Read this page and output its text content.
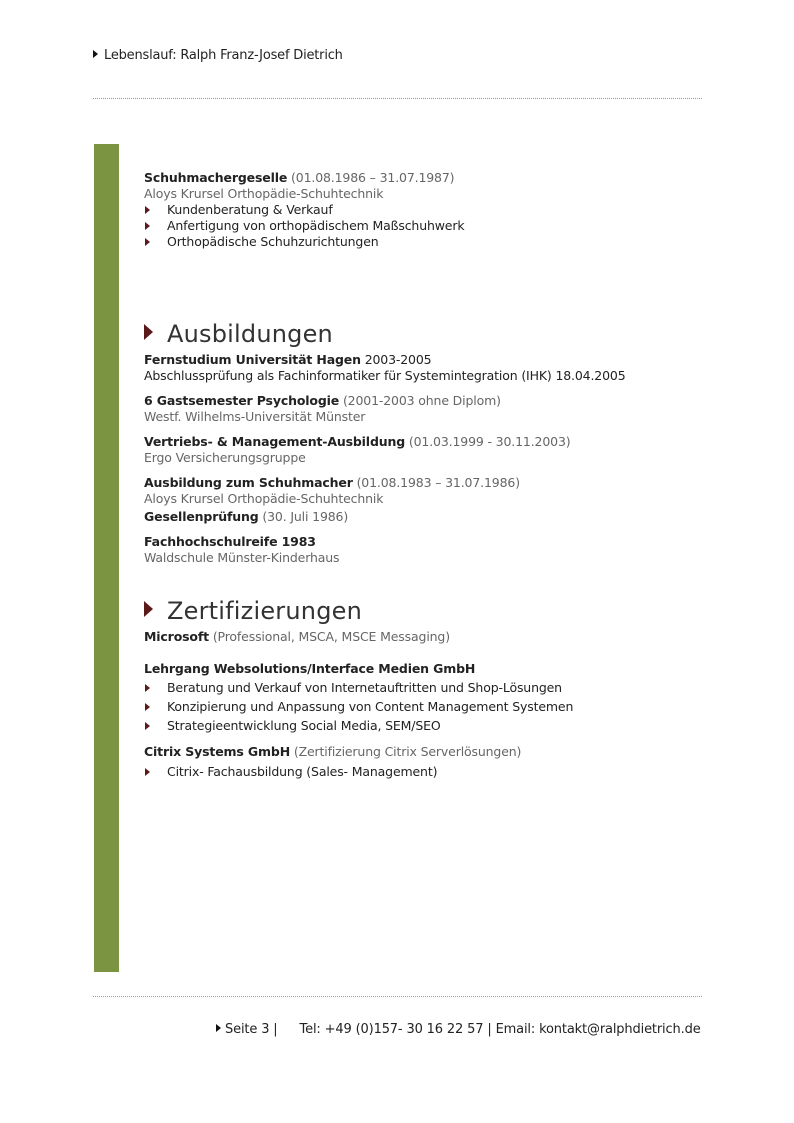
Lebenslauf: Ralph Franz-Josef Dietrich
Schuhmachergeselle (01.08.1986 – 31.07.1987)
Aloys Krursel Orthopädie-Schuhtechnik
Kundenberatung & Verkauf
Anfertigung von orthopädischem Maßschuhwerk
Orthopädische Schuhzurichtungen
Ausbildungen
Fernstudium Universität Hagen 2003-2005
Abschlussprüfung als Fachinformatiker für Systemintegration (IHK) 18.04.2005
6 Gastsemester Psychologie (2001-2003 ohne Diplom)
Westf. Wilhelms-Universität Münster
Vertriebs- & Management-Ausbildung (01.03.1999 - 30.11.2003)
Ergo Versicherungsgruppe
Ausbildung zum Schuhmacher (01.08.1983 – 31.07.1986)
Aloys Krursel Orthopädie-Schuhtechnik
Gesellenprüfung (30. Juli 1986)
Fachhochschulreife 1983
Waldschule Münster-Kinderhaus
Zertifizierungen
Microsoft (Professional, MSCA, MSCE Messaging)
Lehrgang Websolutions/Interface Medien GmbH
Beratung und Verkauf von Internetauftritten und Shop-Lösungen
Konzipierung und Anpassung von Content Management Systemen
Strategieentwicklung Social Media, SEM/SEO
Citrix Systems GmbH (Zertifizierung Citrix Serverlösungen)
Citrix- Fachausbildung (Sales- Management)
Seite 3 | Tel: +49 (0)157- 30 16 22 57 | Email: kontakt@ralphdietrich.de
